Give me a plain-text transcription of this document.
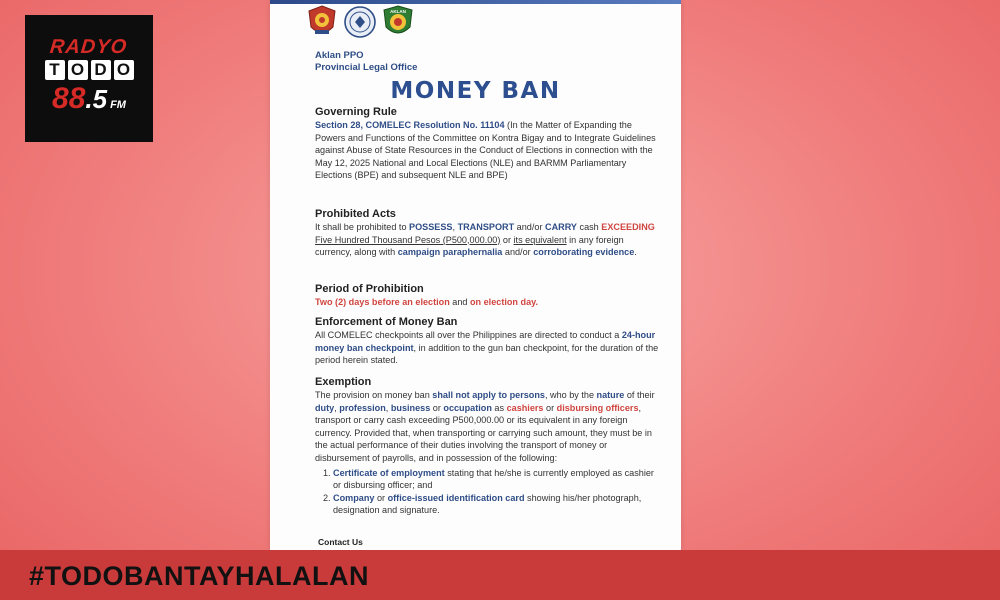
RADYO
T O D O
88 .5 FM
AKLAN
Aklan PPO
Provincial Legal Office
MONEY BAN
Governing Rule

Section 28, COMELEC Resolution No. 11104 (In the Matter of Expanding the Powers and Functions of the Committee on Kontra Bigay and to Integrate Guidelines against Abuse of State Resources in the Conduct of Elections in connection with the May 12, 2025 National and Local Elections (NLE) and BARMM Parliamentary Elections (BPE) and subsequent NLE and BPE)

Prohibited Acts

It shall be prohibited to POSSESS, TRANSPORT and/or CARRY cash EXCEEDING Five Hundred Thousand Pesos (P500,000.00) or its equivalent in any foreign currency, along with campaign paraphernalia and/or corroborating evidence.

Period of Prohibition

Two (2) days before an election and on election day.

Enforcement of Money Ban

All COMELEC checkpoints all over the Philippines are directed to conduct a 24-hour money ban checkpoint, in addition to the gun ban checkpoint, for the duration of the period herein stated.

Exemption

The provision on money ban shall not apply to persons, who by the nature of their duty, profession, business or occupation as cashiers or disbursing officers, transport or carry cash exceeding P500,000.00 or its equivalent in any foreign currency. Provided that, when transporting or carrying such amount, they must be in the actual performance of their duties involving the transport of money or disbursement of payrolls, and in possession of the following:

1. Certificate of employment stating that he/she is currently employed as cashier or disbursing officer; and
2. Company or office-issued identification card showing his/her photograph, designation and signature.
Contact Us
#TODOBANTAYHALALAN
